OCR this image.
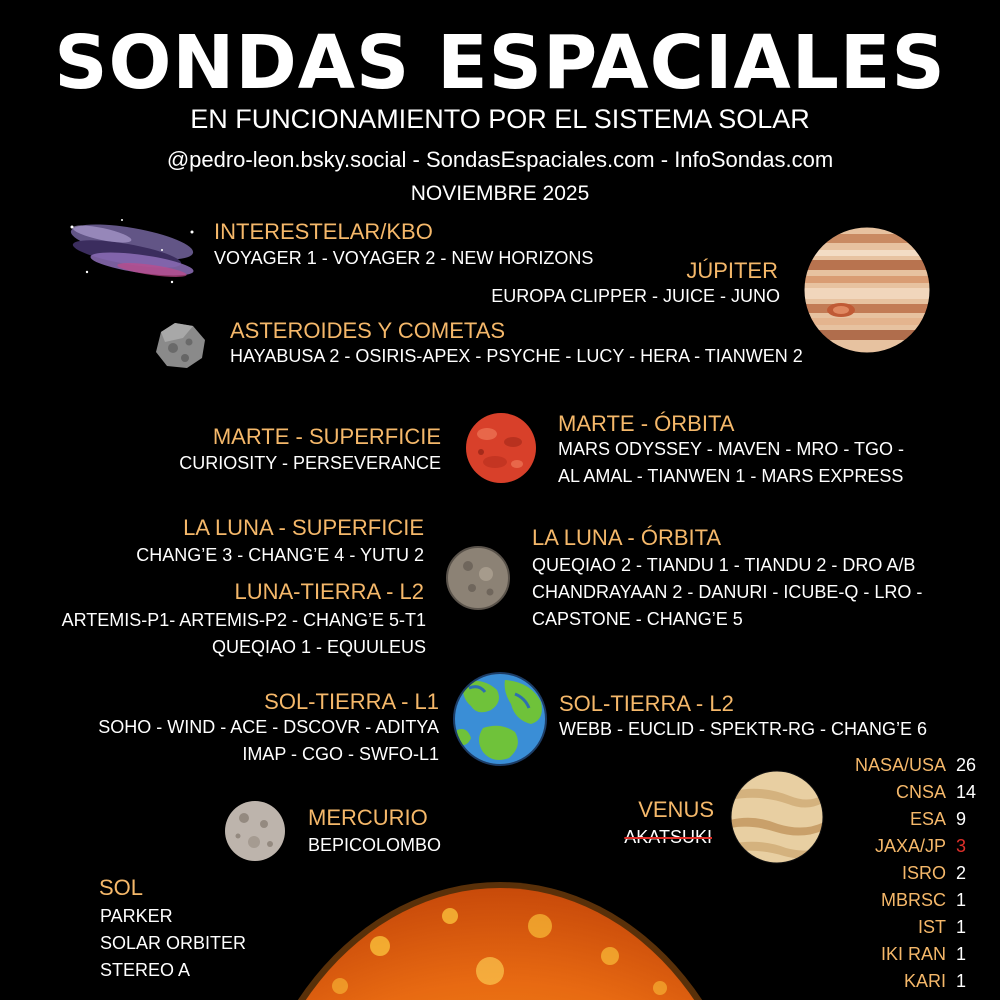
SONDAS ESPACIALES
EN FUNCIONAMIENTO POR EL SISTEMA SOLAR
@pedro-leon.bsky.social - SondasEspaciales.com - InfoSondas.com
NOVIEMBRE 2025
INTERESTELAR/KBO
VOYAGER 1 - VOYAGER 2 - NEW HORIZONS	JÚPITER
EUROPA CLIPPER - JUICE - JUNO
ASTEROIDES Y COMETAS
HAYABUSA 2 - OSIRIS-APEX - PSYCHE - LUCY - HERA - TIANWEN 2
MARTE - SUPERFICIE
CURIOSITY - PERSEVERANCE
MARTE - ÓRBITA
MARS ODYSSEY - MAVEN - MRO - TGO -
AL AMAL - TIANWEN 1 - MARS EXPRESS
LA LUNA - SUPERFICIE
CHANG’E 3 - CHANG’E 4 - YUTU 2
LUNA-TIERRA - L2
ARTEMIS-P1- ARTEMIS-P2 - CHANG’E 5-T1
QUEQIAO 1 - EQUULEUS
LA LUNA - ÓRBITA
QUEQIAO 2 - TIANDU 1 - TIANDU 2 - DRO A/B
CHANDRAYAAN 2 - DANURI - ICUBE-Q - LRO -
CAPSTONE - CHANG’E 5
SOL-TIERRA - L1
SOHO - WIND - ACE - DSCOVR - ADITYA
IMAP - CGO - SWFO-L1
SOL-TIERRA - L2
WEBB - EUCLID - SPEKTR-RG - CHANG’E 6
MERCURIO
BEPICOLOMBO
VENUS
AKATSUKI
NASA/USA
CNSA
ESA
JAXA/JP
ISRO
MBRSC
IST
IKI RAN
KARI
26
14
9
3
2
1
1
1
1
SOL
PARKER
SOLAR ORBITER
STEREO A
